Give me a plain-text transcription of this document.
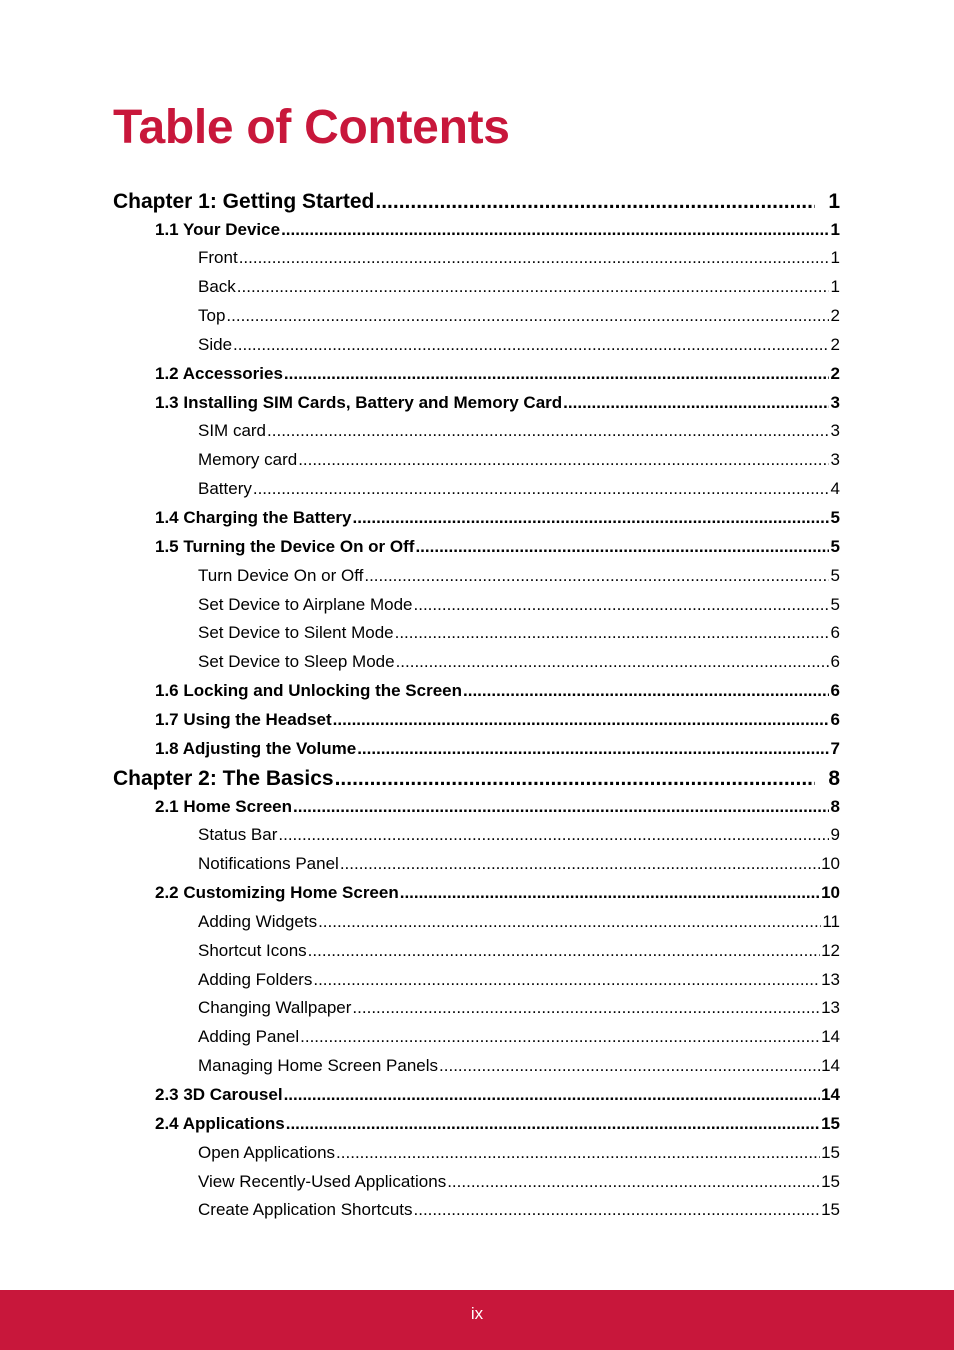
Table of Contents
Chapter 1: Getting Started .....	1
1.1 Your Device .....	1
Front .....	1
Back .....	1
Top .....	2
Side .....	2
1.2 Accessories .....	2
1.3 Installing SIM Cards, Battery and Memory Card .....	3
SIM card .....	3
Memory card .....	3
Battery .....	4
1.4 Charging the Battery .....	5
1.5 Turning the Device On or Off .....	5
Turn Device On or Off .....	5
Set Device to Airplane Mode .....	5
Set Device to Silent Mode .....	6
Set Device to Sleep Mode .....	6
1.6 Locking and Unlocking the Screen .....	6
1.7 Using the Headset .....	6
1.8 Adjusting the Volume .....	7
Chapter 2: The Basics .....	8
2.1 Home Screen .....	8
Status Bar .....	9
Notifications Panel .....	10
2.2 Customizing Home Screen .....	10
Adding Widgets .....	11
Shortcut Icons .....	12
Adding Folders .....	13
Changing Wallpaper .....	13
Adding Panel .....	14
Managing Home Screen Panels .....	14
2.3 3D Carousel .....	14
2.4 Applications .....	15
Open Applications .....	15
View Recently-Used Applications .....	15
Create Application Shortcuts .....	15
ix
